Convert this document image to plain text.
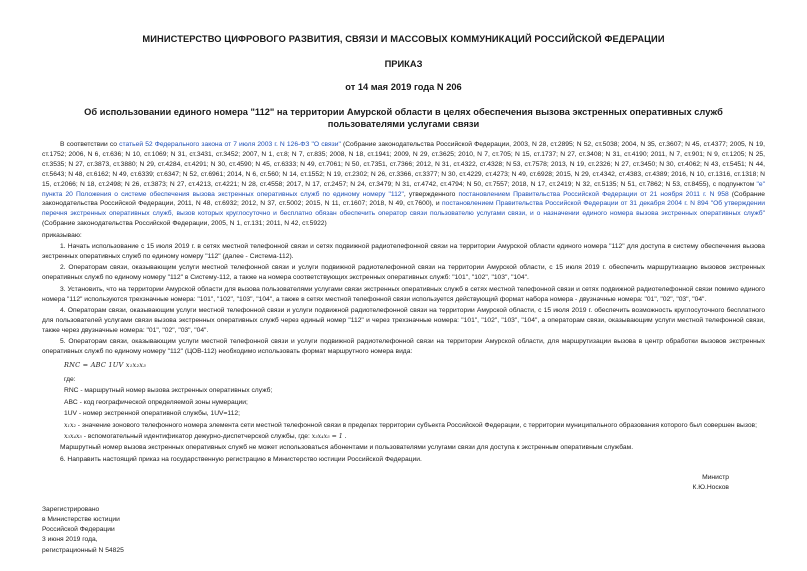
МИНИСТЕРСТВО ЦИФРОВОГО РАЗВИТИЯ, СВЯЗИ И МАССОВЫХ КОММУНИКАЦИЙ РОССИЙСКОЙ ФЕДЕРАЦИИ
ПРИКАЗ
от 14 мая 2019 года N 206
Об использовании единого номера "112" на территории Амурской области в целях обеспечения вызова экстренных оперативных служб пользователями услугами связи

В соответствии со статьей 52 Федерального закона от 7 июля 2003 г. N 126-ФЗ "О связи" (Собрание законодательства Российской Федерации, 2003, N 28, ст.2895; N 52, ст.5038; 2004, N 35, ст.3607; N 45, ст.4377; 2005, N 19, ст.1752; 2006, N 6, ст.636; N 10, ст.1069; N 31, ст.3431, ст.3452; 2007, N 1, ст.8; N 7, ст.835; 2008, N 18, ст.1941; 2009, N 29, ст.3625; 2010, N 7, ст.705; N 15, ст.1737; N 27, ст.3408; N 31, ст.4190; 2011, N 7, ст.901; N 9, ст.1205; N 25, ст.3535; N 27, ст.3873, ст.3880; N 29, ст.4284, ст.4291; N 30, ст.4590; N 45, ст.6333; N 49, ст.7061; N 50, ст.7351, ст.7366; 2012, N 31, ст.4322, ст.4328; N 53, ст.7578; 2013, N 19, ст.2326; N 27, ст.3450; N 30, ст.4062; N 43, ст.5451; N 44, ст.5643; N 48, ст.6162; N 49, ст.6339; ст.6347; N 52, ст.6961; 2014, N 6, ст.560; N 14, ст.1552; N 19, ст.2302; N 26, ст.3366, ст.3377; N 30, ст.4229, ст.4273; N 49, ст.6928; 2015, N 29, ст.4342, ст.4383, ст.4389; 2016, N 10, ст.1316, ст.1318; N 15, ст.2066; N 18, ст.2498; N 26, ст.3873; N 27, ст.4213, ст.4221; N 28, ст.4558; 2017, N 17, ст.2457; N 24, ст.3479; N 31, ст.4742, ст.4794; N 50, ст.7557; 2018, N 17, ст.2419; N 32, ст.5135; N 51, ст.7862; N 53, ст.8455), с подпунктом "е" пункта 20 Положения о системе обеспечения вызова экстренных оперативных служб по единому номеру "112", утвержденного постановлением Правительства Российской Федерации от 21 ноября 2011 г. N 958 (Собрание законодательства Российской Федерации, 2011, N 48, ст.6932; 2012, N 37, ст.5002; 2015, N 11, ст.1607; 2018, N 49, ст.7600), и постановлением Правительства Российской Федерации от 31 декабря 2004 г. N 894 "Об утверждении перечня экстренных оперативных служб, вызов которых круглосуточно и бесплатно обязан обеспечить оператор связи пользователю услугами связи, и о назначении единого номера вызова экстренных оперативных служб" (Собрание законодательства Российской Федерации, 2005, N 1, ст.131; 2011, N 42, ст.5922)

приказываю:

1. Начать использование с 15 июля 2019 г. в сетях местной телефонной связи и сетях подвижной радиотелефонной связи на территории Амурской области единого номера "112" для доступа в систему обеспечения вызова экстренных оперативных служб по единому номеру "112" (далее - Система-112).

2. Операторам связи, оказывающим услуги местной телефонной связи и услуги подвижной радиотелефонной связи на территории Амурской области, с 15 июля 2019 г. обеспечить маршрутизацию вызовов экстренных оперативных служб по единому номеру "112" в Систему-112, а также на номера соответствующих экстренных оперативных служб: "101", "102", "103", "104".

3. Установить, что на территории Амурской области для вызова пользователями услугами связи экстренных оперативных служб в сетях местной телефонной связи и сетях подвижной радиотелефонной связи помимо единого номера "112" используются трехзначные номера: "101", "102", "103", "104", а также в сетях местной телефонной связи используется действующий формат набора номера - двузначные номера: "01", "02", "03", "04".

4. Операторам связи, оказывающим услуги местной телефонной связи и услуги подвижной радиотелефонной связи на территории Амурской области, с 15 июля 2019 г. обеспечить возможность круглосуточного бесплатного для пользователей услугами связи вызова экстренных оперативных служб через единый номер "112" и через трехзначные номера: "101", "102", "103", "104", а операторам связи, оказывающим услуги местной телефонной связи, также через двузначные номера: "01", "02", "03", "04".

5. Операторам связи, оказывающим услуги местной телефонной связи и услуги подвижной радиотелефонной связи на территории Амурской области, для маршрутизации вызова в центр обработки вызовов экстренных оперативных служб по единому номеру "112" (ЦОВ-112) необходимо использовать формат маршрутного номера вида:

RNC = ABC 1UV x₁x₂x₃

где:

RNC - маршрутный номер вызова экстренных оперативных служб;

ABC - код географической определяемой зоны нумерации;

1UV - номер экстренной оперативной службы, 1UV=112;

x₁x₂ - значение зонового телефонного номера элемента сети местной телефонной связи в пределах территории субъекта Российской Федерации, с территории муниципального образования которого был совершен вызов;

x₃x₄x₅ - вспомогательный идентификатор дежурно-диспетчерской службы, где: x₃x₄x₅ = 1 .

Маршрутный номер вызова экстренных оперативных служб не может использоваться абонентами и пользователями услугами связи для доступа к экстренным оперативным службам.

6. Направить настоящий приказ на государственную регистрацию в Министерство юстиции Российской Федерации.

Министр
К.Ю.Носков
Зарегистрировано
в Министерстве юстиции
Российской Федерации
3 июня 2019 года,
регистрационный N 54825
